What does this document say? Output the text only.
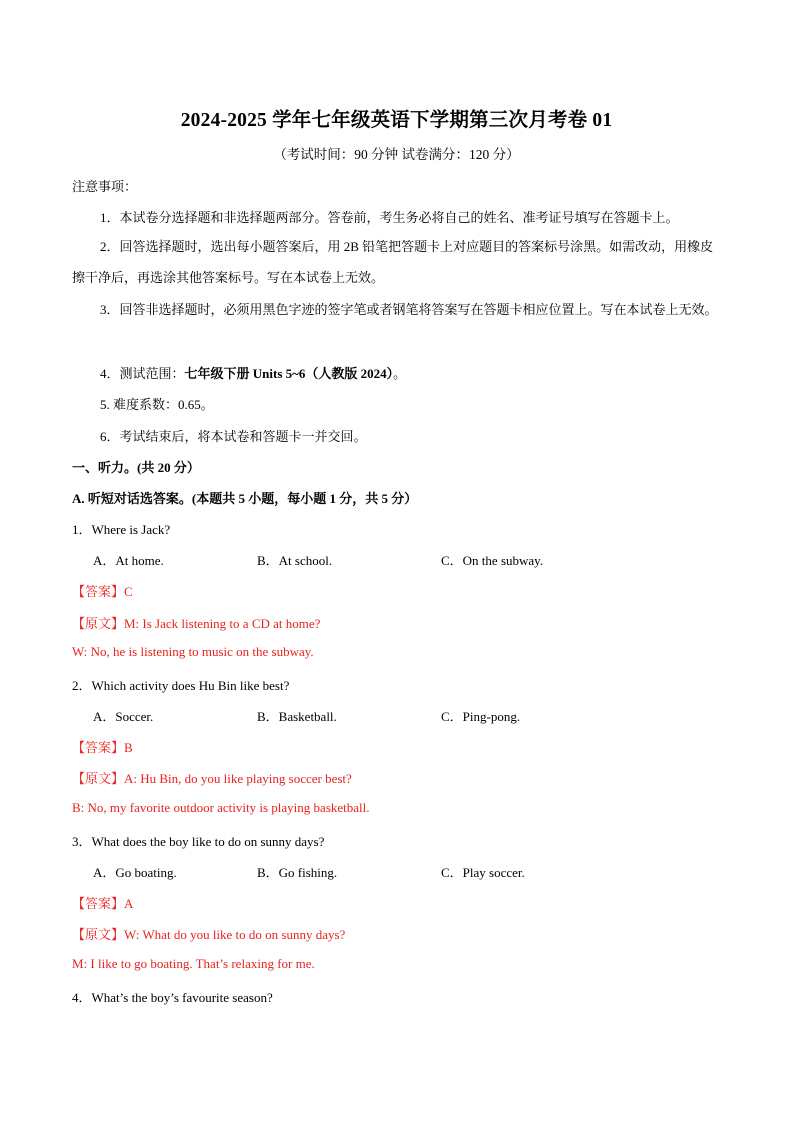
2024-2025 学年七年级英语下学期第三次月考卷 01
（考试时间：90 分钟 试卷满分：120 分）
注意事项：
1．本试卷分选择题和非选择题两部分。答卷前，考生务必将自己的姓名、准考证号填写在答题卡上。
2．回答选择题时，选出每小题答案后，用 2B 铅笔把答题卡上对应题目的答案标号涂黑。如需改动，用橡皮擦干净后，再选涂其他答案标号。写在本试卷上无效。
3．回答非选择题时，必须用黑色字迹的签字笔或者钢笔将答案写在答题卡相应位置上。写在本试卷上无效。
4．测试范围：七年级下册 Units 5~6（人教版 2024）。
5. 难度系数：0.65。
6．考试结束后，将本试卷和答题卡一并交回。
一、听力。(共 20 分）
A. 听短对话选答案。(本题共 5 小题，每小题 1 分，共 5 分）
1．Where is Jack?
A．At home.	B．At school.	C．On the subway.
【答案】C
【原文】M: Is Jack listening to a CD at home?
W: No, he is listening to music on the subway.
2．Which activity does Hu Bin like best?
A．Soccer.	B．Basketball.	C．Ping-pong.
【答案】B
【原文】A: Hu Bin, do you like playing soccer best?
B: No, my favorite outdoor activity is playing basketball.
3．What does the boy like to do on sunny days?
A．Go boating.	B．Go fishing.	C．Play soccer.
【答案】A
【原文】W: What do you like to do on sunny days?
M: I like to go boating. That’s relaxing for me.
4．What’s the boy’s favourite season?
